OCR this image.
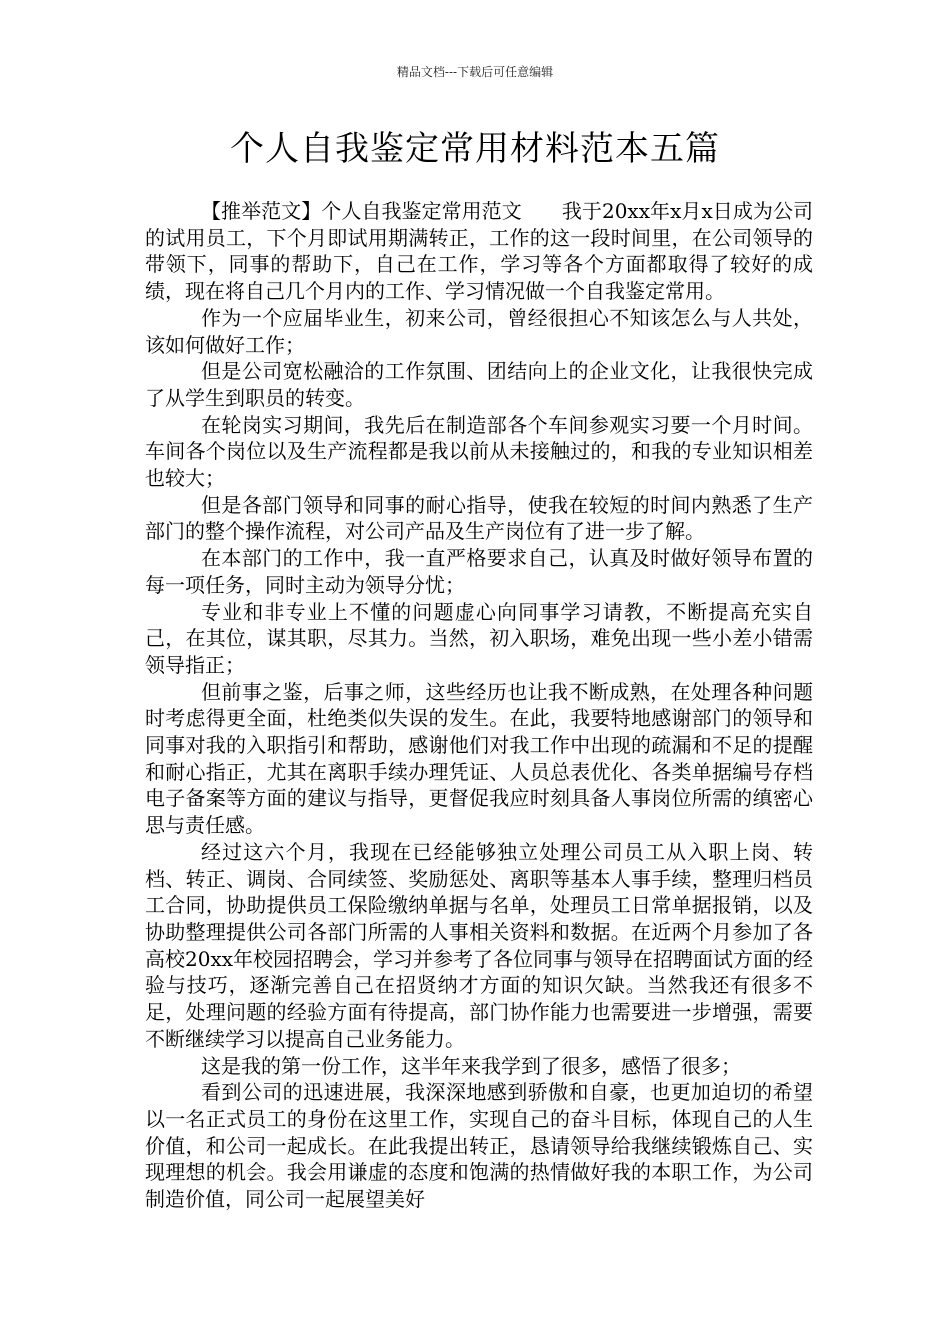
精品文档---下载后可任意编辑

个人自我鉴定常用材料范本五篇

【推举范文】个人自我鉴定常用范文　　我于20xx年x月x日成为公司的试用员工，下个月即试用期满转正，工作的这一段时间里，在公司领导的带领下，同事的帮助下，自己在工作，学习等各个方面都取得了较好的成绩，现在将自己几个月内的工作、学习情况做一个自我鉴定常用。

作为一个应届毕业生，初来公司，曾经很担心不知该怎么与人共处，该如何做好工作；

但是公司宽松融洽的工作氛围、团结向上的企业文化，让我很快完成了从学生到职员的转变。

在轮岗实习期间，我先后在制造部各个车间参观实习要一个月时间。车间各个岗位以及生产流程都是我以前从未接触过的，和我的专业知识相差也较大；

但是各部门领导和同事的耐心指导，使我在较短的时间内熟悉了生产部门的整个操作流程，对公司产品及生产岗位有了进一步了解。

在本部门的工作中，我一直严格要求自己，认真及时做好领导布置的每一项任务，同时主动为领导分忧；

专业和非专业上不懂的问题虚心向同事学习请教，不断提高充实自己，在其位，谋其职，尽其力。当然，初入职场，难免出现一些小差小错需领导指正；

但前事之鉴，后事之师，这些经历也让我不断成熟，在处理各种问题时考虑得更全面，杜绝类似失误的发生。在此，我要特地感谢部门的领导和同事对我的入职指引和帮助，感谢他们对我工作中出现的疏漏和不足的提醒和耐心指正，尤其在离职手续办理凭证、人员总表优化、各类单据编号存档电子备案等方面的建议与指导，更督促我应时刻具备人事岗位所需的缜密心思与责任感。

经过这六个月，我现在已经能够独立处理公司员工从入职上岗、转档、转正、调岗、合同续签、奖励惩处、离职等基本人事手续，整理归档员工合同，协助提供员工保险缴纳单据与名单，处理员工日常单据报销，以及协助整理提供公司各部门所需的人事相关资料和数据。在近两个月参加了各高校20xx年校园招聘会，学习并参考了各位同事与领导在招聘面试方面的经验与技巧，逐渐完善自己在招贤纳才方面的知识欠缺。当然我还有很多不足，处理问题的经验方面有待提高，部门协作能力也需要进一步增强，需要不断继续学习以提高自己业务能力。

这是我的第一份工作，这半年来我学到了很多，感悟了很多；

看到公司的迅速进展，我深深地感到骄傲和自豪，也更加迫切的希望以一名正式员工的身份在这里工作，实现自己的奋斗目标，体现自己的人生价值，和公司一起成长。在此我提出转正，恳请领导给我继续锻炼自己、实现理想的机会。我会用谦虚的态度和饱满的热情做好我的本职工作，为公司制造价值，同公司一起展望美好
